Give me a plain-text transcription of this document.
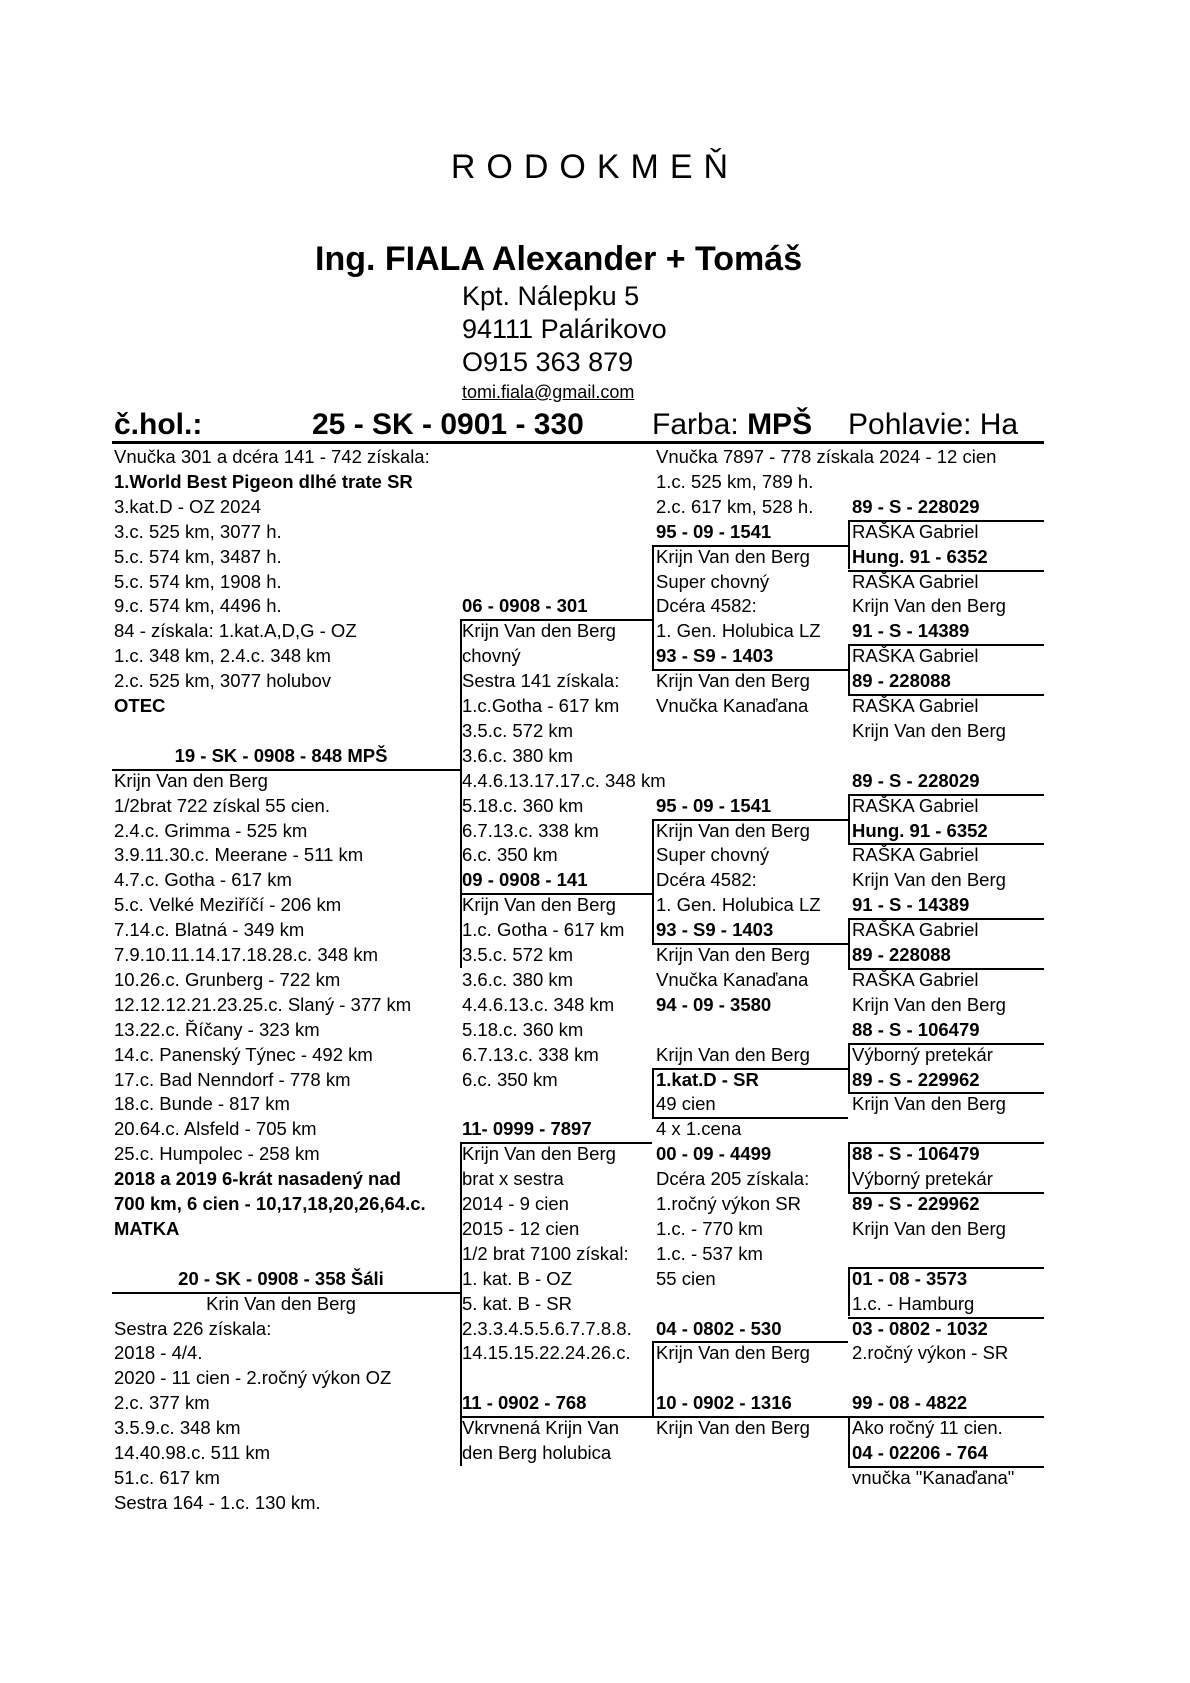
RODOKMEŇ
Ing. FIALA Alexander + Tomáš
Kpt. Nálepku 5
94111 Palárikovo
O915 363 879
tomi.fiala@gmail.com
č.hol.:	25 - SK - 0901 - 330 Farba: MPŠ Pohlavie: Ha
Vnučka 301 a dcéra 141 - 742 získala:
1.World Best Pigeon dlhé trate SR
3.kat.D - OZ 2024
3.c. 525 km, 3077 h.
5.c. 574 km, 3487 h.
5.c. 574 km, 1908 h.
9.c. 574 km, 4496 h.
84 - získala: 1.kat.A,D,G - OZ
1.c. 348 km, 2.4.c. 348 km
2.c. 525 km, 3077 holubov
OTEC
19 - SK - 0908 - 848 MPŠ
Krijn Van den Berg
1/2brat 722 získal 55 cien.
2.4.c. Grimma - 525 km
3.9.11.30.c. Meerane - 511 km
4.7.c. Gotha - 617 km
5.c. Velké Meziříčí - 206 km
7.14.c. Blatná - 349 km
7.9.10.11.14.17.18.28.c. 348 km
10.26.c. Grunberg - 722 km
12.12.12.21.23.25.c. Slaný - 377 km
13.22.c. Říčany - 323 km
14.c. Panenský Týnec - 492 km
17.c. Bad Nenndorf - 778 km
18.c. Bunde - 817 km
20.64.c. Alsfeld - 705 km
25.c. Humpolec - 258 km
2018 a 2019 6-krát nasadený nad
700 km, 6 cien - 10,17,18,20,26,64.c.
MATKA
20 - SK - 0908 - 358 Šáli
Krin Van den Berg
Sestra 226 získala:
2018 - 4/4.
2020 - 11 cien - 2.ročný výkon OZ
2.c. 377 km
3.5.9.c. 348 km
14.40.98.c. 511 km
51.c. 617 km
Sestra 164 - 1.c. 130 km.
06 - 0908 - 301
Krijn Van den Berg
chovný
Sestra 141 získala:
1.c.Gotha - 617 km
3.5.c. 572 km
3.6.c. 380 km
4.4.6.13.17.17.c. 348 km
5.18.c. 360 km
6.7.13.c. 338 km
6.c. 350 km
09 - 0908 - 141
Krijn Van den Berg
1.c. Gotha - 617 km
3.5.c. 572 km
3.6.c. 380 km
4.4.6.13.c. 348 km
5.18.c. 360 km
6.7.13.c. 338 km
6.c. 350 km
11- 0999 - 7897
Krijn Van den Berg
brat x sestra
2014 - 9 cien
2015 - 12 cien
1/2 brat 7100 získal:
1. kat. B - OZ
5. kat. B - SR
2.3.3.4.5.5.6.7.7.8.8.
14.15.15.22.24.26.c.
11 - 0902 - 768
Vkrvnená Krijn Van
den Berg holubica
Vnučka 7897 - 778 získala 2024 - 12 cien
1.c. 525 km, 789 h.
2.c. 617 km, 528 h.
95 - 09 - 1541
Krijn Van den Berg
Super chovný
Dcéra 4582:
1. Gen. Holubica LZ
93 - S9 - 1403
Krijn Van den Berg
Vnučka Kanaďana
95 - 09 - 1541
Krijn Van den Berg
Super chovný
Dcéra 4582:
1. Gen. Holubica LZ
93 - S9 - 1403
Krijn Van den Berg
Vnučka Kanaďana
94 - 09 - 3580
Krijn Van den Berg
1.kat.D - SR
49 cien
4 x 1.cena
00 - 09 - 4499
Dcéra 205 získala:
1.ročný výkon SR
1.c. - 770 km
1.c. - 537 km
55 cien
04 - 0802 - 530
Krijn Van den Berg
10 - 0902 - 1316
Krijn Van den Berg
89 - S - 228029
RAŠKA Gabriel
Hung. 91 - 6352
RAŠKA Gabriel
Krijn Van den Berg
91 - S - 14389
RAŠKA Gabriel
89 - 228088
RAŠKA Gabriel
Krijn Van den Berg
89 - S - 228029
RAŠKA Gabriel
Hung. 91 - 6352
RAŠKA Gabriel
Krijn Van den Berg
91 - S - 14389
RAŠKA Gabriel
89 - 228088
RAŠKA Gabriel
Krijn Van den Berg
88 - S - 106479
Výborný pretekár
89 - S - 229962
Krijn Van den Berg
88 - S - 106479
Výborný pretekár
89 - S - 229962
Krijn Van den Berg
01 - 08 - 3573
1.c. - Hamburg
03 - 0802 - 1032
2.ročný výkon - SR
99 - 08 - 4822
Ako ročný 11 cien.
04 - 02206 - 764
vnučka "Kanaďana"
